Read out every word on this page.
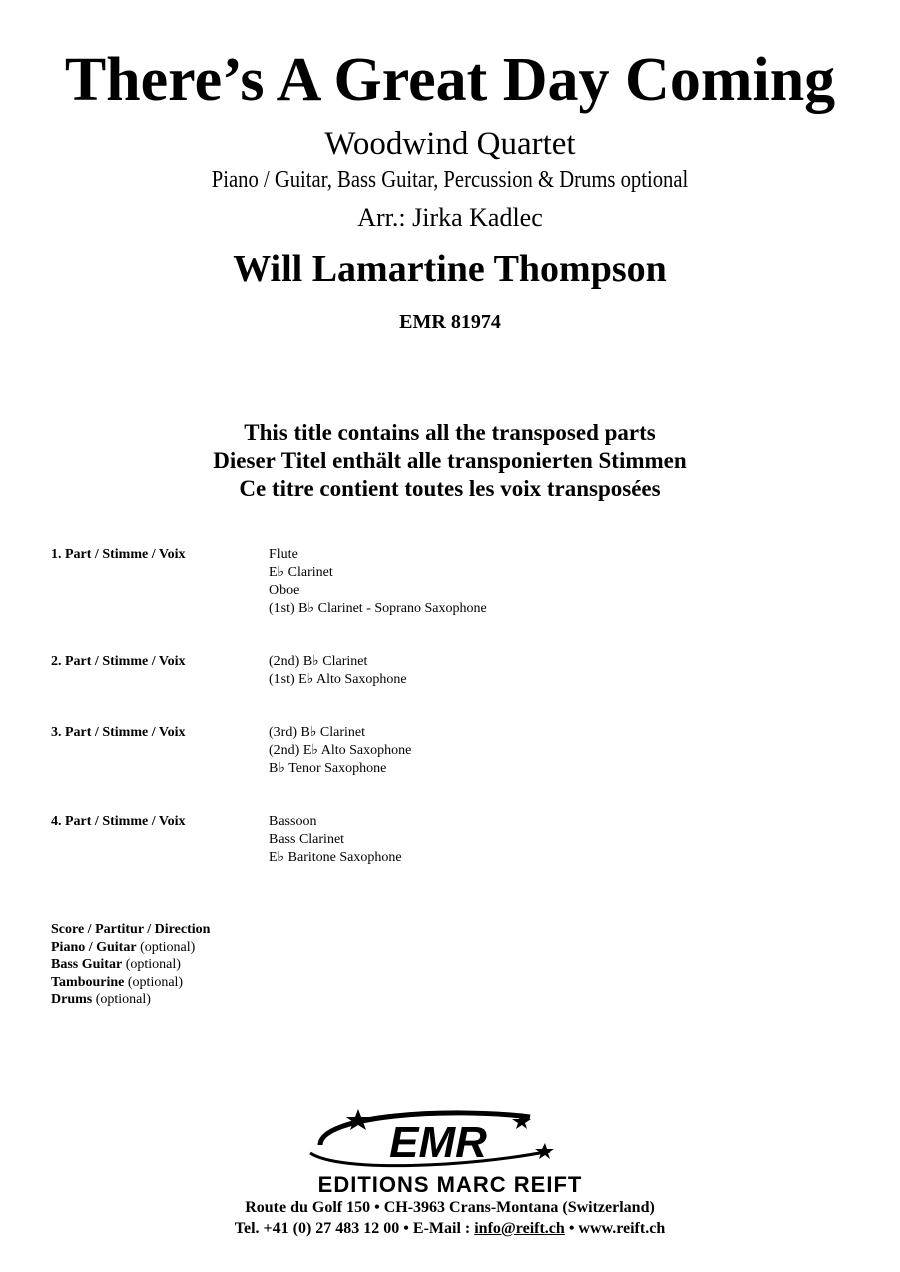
There’s A Great Day Coming
Woodwind Quartet
Piano / Guitar, Bass Guitar, Percussion & Drums optional
Arr.: Jirka Kadlec
Will Lamartine Thompson
EMR 81974
This title contains all the transposed parts
Dieser Titel enthält alle transponierten Stimmen
Ce titre contient toutes les voix transposées
1. Part / Stimme / Voix	Flute
E♭ Clarinet
Oboe
(1st) B♭ Clarinet - Soprano Saxophone
2. Part / Stimme / Voix	(2nd) B♭ Clarinet
(1st) E♭ Alto Saxophone
3. Part / Stimme / Voix	(3rd) B♭ Clarinet
(2nd) E♭ Alto Saxophone
B♭ Tenor Saxophone
4. Part / Stimme / Voix	Bassoon
Bass Clarinet
E♭ Baritone Saxophone
Score / Partitur / Direction
Piano / Guitar (optional)
Bass Guitar (optional)
Tambourine (optional)
Drums (optional)
EMR
EDITIONS MARC REIFT
Route du Golf 150 • CH-3963 Crans-Montana (Switzerland)
Tel. +41 (0) 27 483 12 00 • E-Mail : info@reift.ch • www.reift.ch
